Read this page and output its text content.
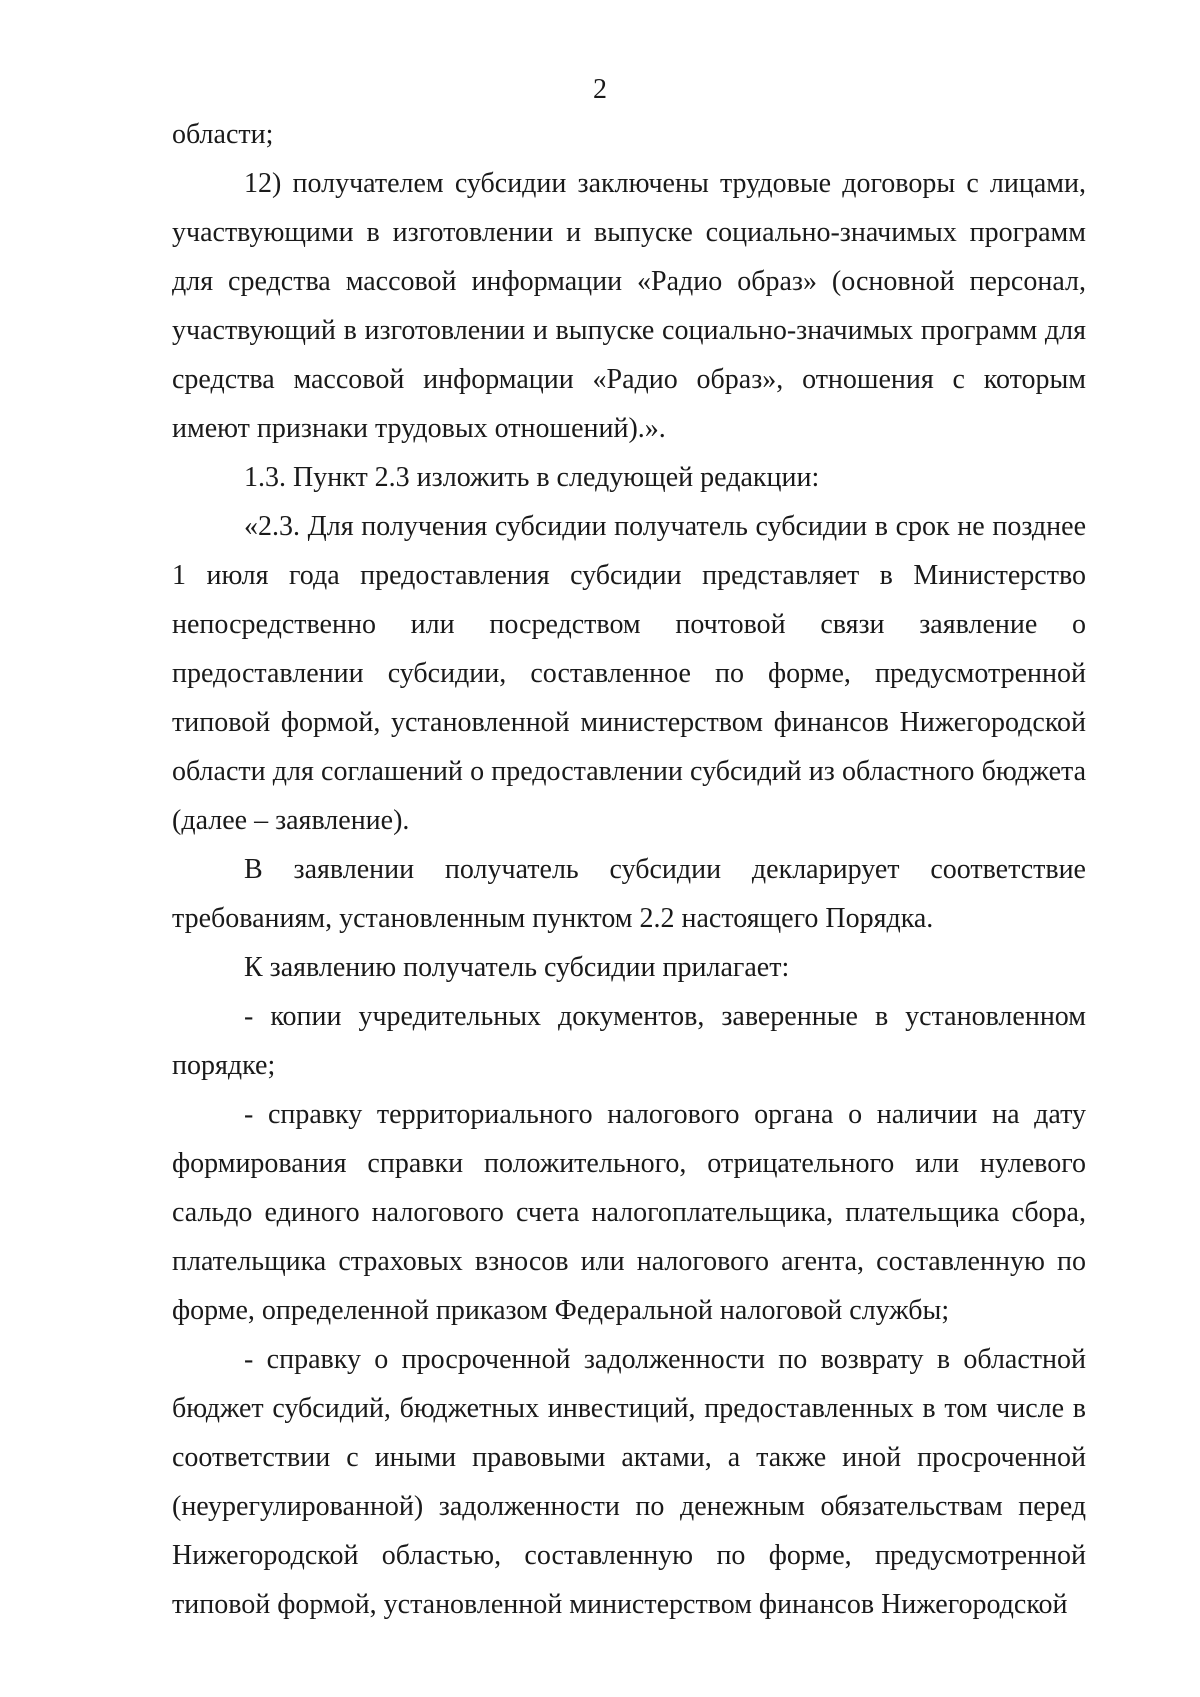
2

области;

12) получателем субсидии заключены трудовые договоры с лицами, участвующими в изготовлении и выпуске социально-значимых программ для средства массовой информации «Радио образ» (основной персонал, участвующий в изготовлении и выпуске социально-значимых программ для средства массовой информации «Радио образ», отношения с которым имеют признаки трудовых отношений).».

1.3. Пункт 2.3 изложить в следующей редакции:

«2.3. Для получения субсидии получатель субсидии в срок не позднее 1 июля года предоставления субсидии представляет в Министерство непосредственно или посредством почтовой связи заявление о предоставлении субсидии, составленное по форме, предусмотренной типовой формой, установленной министерством финансов Нижегородской области для соглашений о предоставлении субсидий из областного бюджета (далее – заявление).

В заявлении получатель субсидии декларирует соответствие требованиям, установленным пунктом 2.2 настоящего Порядка.

К заявлению получатель субсидии прилагает:

- копии учредительных документов, заверенные в установленном порядке;

- справку территориального налогового органа о наличии на дату формирования справки положительного, отрицательного или нулевого сальдо единого налогового счета налогоплательщика, плательщика сбора, плательщика страховых взносов или налогового агента, составленную по форме, определенной приказом Федеральной налоговой службы;

- справку о просроченной задолженности по возврату в областной бюджет субсидий, бюджетных инвестиций, предоставленных в том числе в соответствии с иными правовыми актами, а также иной просроченной (неурегулированной) задолженности по денежным обязательствам перед Нижегородской областью, составленную по форме, предусмотренной типовой формой, установленной министерством финансов Нижегородской
